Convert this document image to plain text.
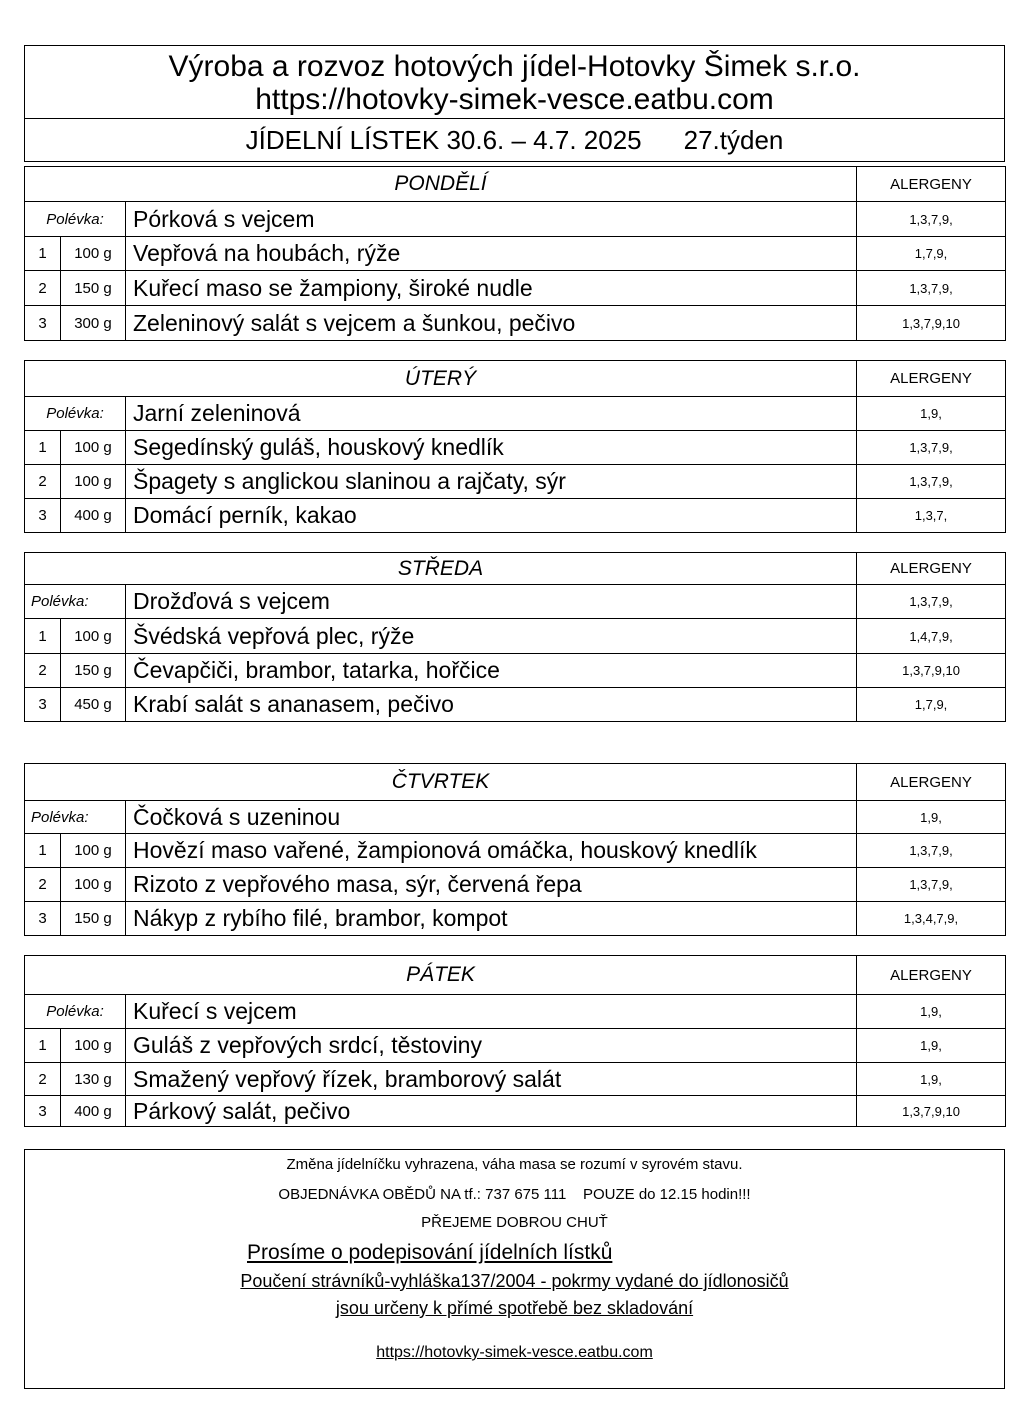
Výroba a rozvoz hotových jídel-Hotovky Šimek s.r.o.
https://hotovky-simek-vesce.eatbu.com

JÍDELNÍ LÍSTEK 30.6. – 4.7. 2025 27.týden
PONDĚLÍ			ALERGENY
Polévka:		Pórková s vejcem	1,3,7,9,
1	100 g	Vepřová na houbách, rýže	1,7,9,
2	150 g	Kuřecí maso se žampiony, široké nudle	1,3,7,9,
3	300 g	Zeleninový salát s vejcem a šunkou, pečivo	1,3,7,9,10
ÚTERÝ			ALERGENY
Polévka:		Jarní zeleninová	1,9,
1	100 g	Segedínský guláš, houskový knedlík	1,3,7,9,
2	100 g	Špagety s anglickou slaninou a rajčaty, sýr	1,3,7,9,
3	400 g	Domácí perník, kakao	1,3,7,
STŘEDA			ALERGENY
Polévka:		Drožďová s vejcem	1,3,7,9,
1	100 g	Švédská vepřová plec, rýže	1,4,7,9,
2	150 g	Čevapčiči, brambor, tatarka, hořčice	1,3,7,9,10
3	450 g	Krabí salát s ananasem, pečivo	1,7,9,
ČTVRTEK			ALERGENY
Polévka:		Čočková s uzeninou	1,9,
1	100 g	Hovězí maso vařené, žampionová omáčka, houskový knedlík	1,3,7,9,
2	100 g	Rizoto z vepřového masa, sýr, červená řepa	1,3,7,9,
3	150 g	Nákyp z rybího filé, brambor, kompot	1,3,4,7,9,
PÁTEK			ALERGENY
Polévka:		Kuřecí s vejcem	1,9,
1	100 g	Guláš z vepřových srdcí, těstoviny	1,9,
2	130 g	Smažený vepřový řízek, bramborový salát	1,9,
3	400 g	Párkový salát, pečivo	1,3,7,9,10
Změna jídelníčku vyhrazena, váha masa se rozumí v syrovém stavu.
OBJEDNÁVKA OBĚDŮ NA tf.: 737 675 111    POUZE do 12.15 hodin!!!
PŘEJEME DOBROU CHUŤ
Prosíme o podepisování jídelních lístků
Poučení strávníků-vyhláška137/2004 - pokrmy vydané do jídlonosičů
jsou určeny k přímé spotřebě bez skladování
https://hotovky-simek-vesce.eatbu.com
